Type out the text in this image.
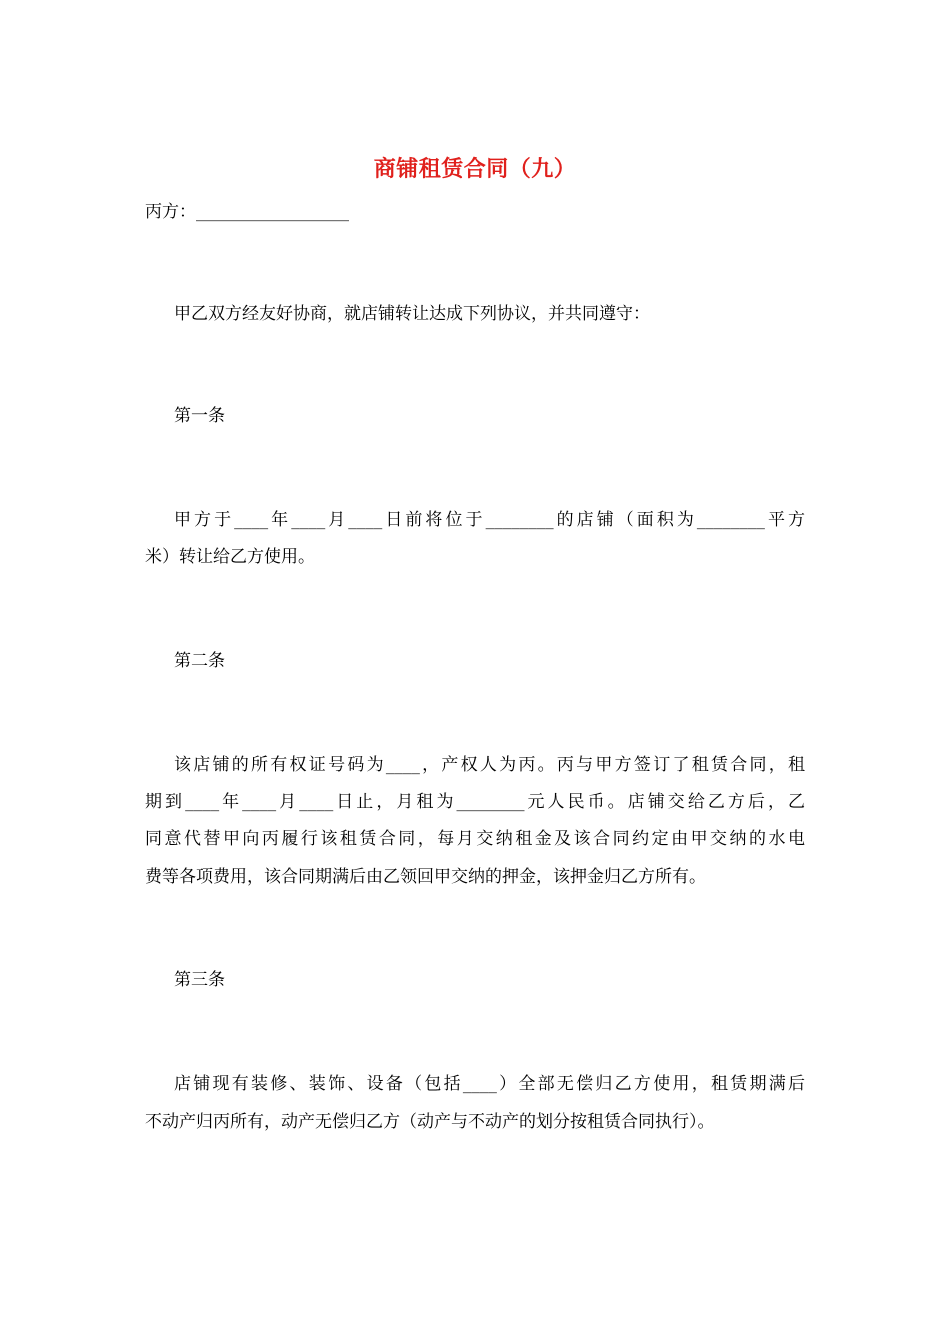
商铺租赁合同（九）
丙方：__________________
甲乙双方经友好协商，就店铺转让达成下列协议，并共同遵守：
第一条
甲方于____年____月____日前将位于________的店铺（面积为________平方
米）转让给乙方使用。
第二条
该店铺的所有权证号码为____，产权人为丙。丙与甲方签订了租赁合同，租
期到____年____月____日止，月租为________元人民币。店铺交给乙方后，乙
同意代替甲向丙履行该租赁合同，每月交纳租金及该合同约定由甲交纳的水电
费等各项费用，该合同期满后由乙领回甲交纳的押金，该押金归乙方所有。
第三条
店铺现有装修、装饰、设备（包括____）全部无偿归乙方使用，租赁期满后
不动产归丙所有，动产无偿归乙方（动产与不动产的划分按租赁合同执行）。
